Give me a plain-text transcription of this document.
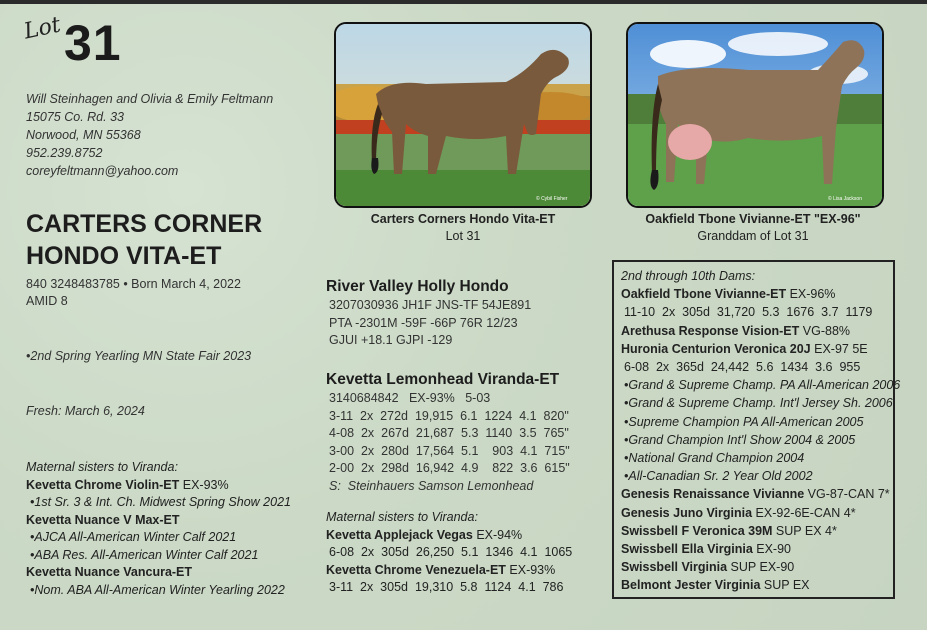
Lot 31
Will Steinhagen and Olivia & Emily Feltmann
15075 Co. Rd. 33
Norwood, MN 55368
952.239.8752
coreyfeltmann@yahoo.com
CARTERS CORNER
HONDO VITA-ET
840 3248483785 • Born March 4, 2022
AMID 8
•2nd Spring Yearling MN State Fair 2023
Fresh: March 6, 2024
Maternal sisters to Viranda:
Kevetta Chrome Violin-ET EX-93%
•1st Sr. 3 & Int. Ch. Midwest Spring Show 2021
Kevetta Nuance V Max-ET
•AJCA All-American Winter Calf 2021
•ABA Res. All-American Winter Calf 2021
Kevetta Nuance Vancura-ET
•Nom. ABA All-American Winter Yearling 2022
© Cybil Fisher
Carters Corners Hondo Vita-ET
Lot 31
© Lisa Jackson
Oakfield Tbone Vivianne-ET "EX-96"
Granddam of Lot 31
River Valley Holly Hondo
3207030936 JH1F JNS-TF 54JE891
PTA -2301M -59F -66P 76R 12/23
GJUI +18.1 GJPI -129
Kevetta Lemonhead Viranda-ET
3140684842   EX-93%   5-03
3-11  2x  272d  19,915  6.1  1224  4.1  820"
4-08  2x  267d  21,687  5.3  1140  3.5  765"
3-00  2x  280d  17,564  5.1    903  4.1  715"
2-00  2x  298d  16,942  4.9    822  3.6  615"
S:  Steinhauers Samson Lemonhead
Maternal sisters to Viranda:
Kevetta Applejack Vegas EX-94%
6-08  2x  305d  26,250  5.1  1346  4.1  1065
Kevetta Chrome Venezuela-ET EX-93%
3-11  2x  305d  19,310  5.8  1124  4.1  786
2nd through 10th Dams:
Oakfield Tbone Vivianne-ET EX-96%
11-10  2x  305d  31,720  5.3  1676  3.7  1179
Arethusa Response Vision-ET VG-88%
Huronia Centurion Veronica 20J EX-97 5E
6-08  2x  365d  24,442  5.6  1434  3.6  955
•Grand & Supreme Champ. PA All-American 2006
•Grand & Supreme Champ. Int'l Jersey Sh. 2006
•Supreme Champion PA All-American 2005
•Grand Champion Int'l Show 2004 & 2005
•National Grand Champion 2004
•All-Canadian Sr. 2 Year Old 2002
Genesis Renaissance Vivianne VG-87-CAN 7*
Genesis Juno Virginia EX-92-6E-CAN 4*
Swissbell F Veronica 39M SUP EX 4*
Swissbell Ella Virginia EX-90
Swissbell Virginia SUP EX-90
Belmont Jester Virginia SUP EX
